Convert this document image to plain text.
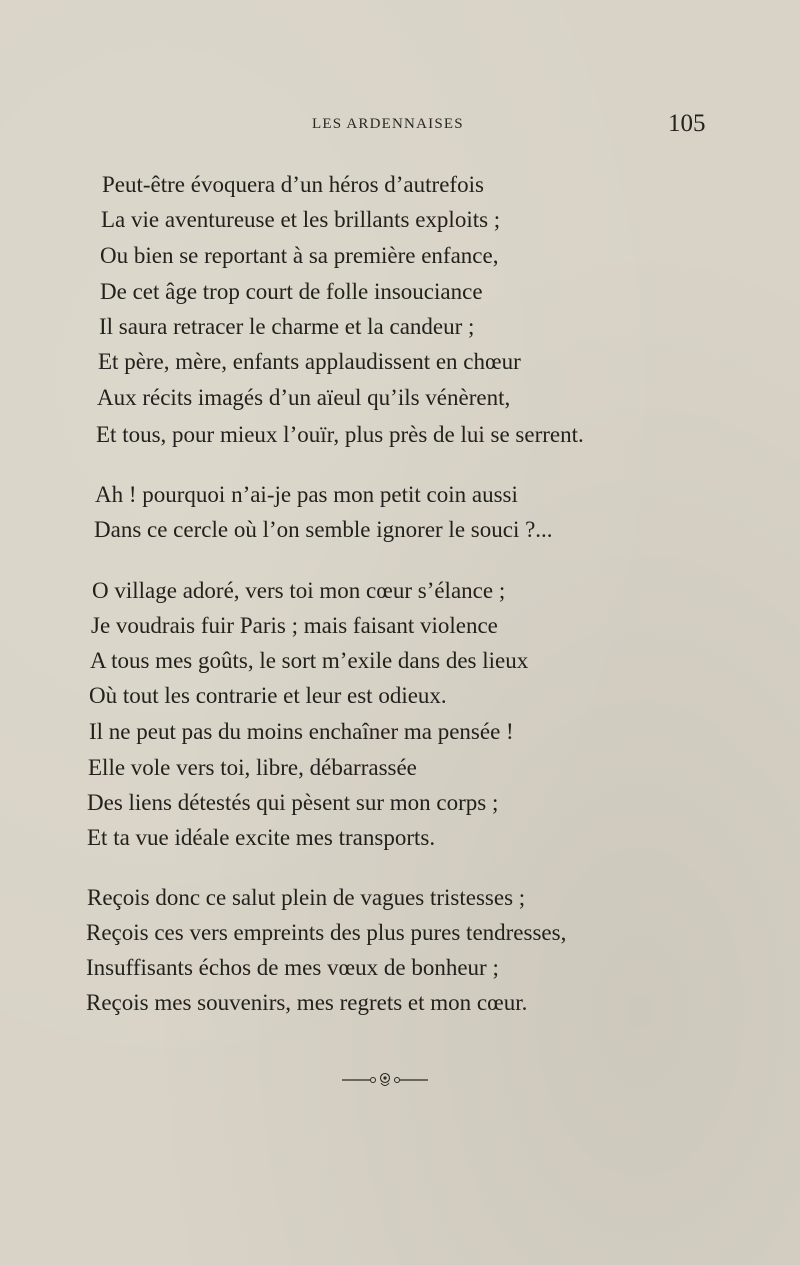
LES ARDENNAISES	105
Peut-être évoquera d’un héros d’autrefois
La vie aventureuse et les brillants exploits ;
Ou bien se reportant à sa première enfance,
De cet âge trop court de folle insouciance
Il saura retracer le charme et la candeur ;
Et père, mère, enfants applaudissent en chœur
Aux récits imagés d’un aïeul qu’ils vénèrent,
Et tous, pour mieux l’ouïr, plus près de lui se serrent.
Ah ! pourquoi n’ai-je pas mon petit coin aussi
Dans ce cercle où l’on semble ignorer le souci ?...
O village adoré, vers toi mon cœur s’élance ;
Je voudrais fuir Paris ; mais faisant violence
A tous mes goûts, le sort m’exile dans des lieux
Où tout les contrarie et leur est odieux.
Il ne peut pas du moins enchaîner ma pensée !
Elle vole vers toi, libre, débarrassée
Des liens détestés qui pèsent sur mon corps ;
Et ta vue idéale excite mes transports.
Reçois donc ce salut plein de vagues tristesses ;
Reçois ces vers empreints des plus pures tendresses,
Insuffisants échos de mes vœux de bonheur ;
Reçois mes souvenirs, mes regrets et mon cœur.
